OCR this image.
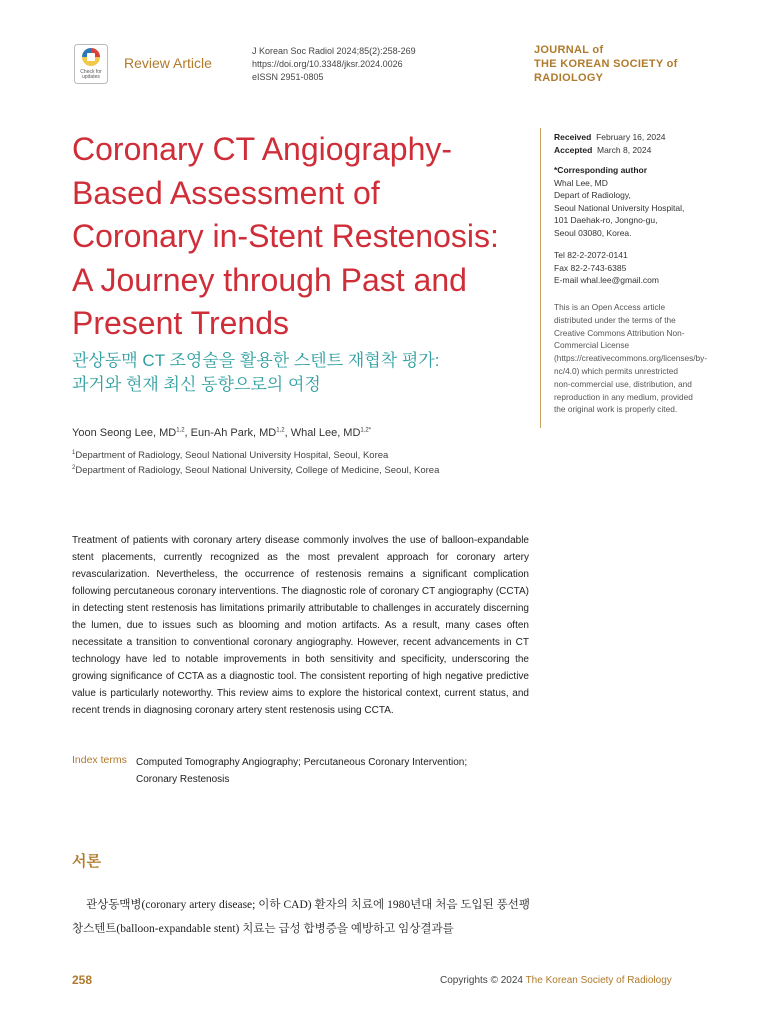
Check for updates
Review Article
J Korean Soc Radiol 2024;85(2):258-269
https://doi.org/10.3348/jksr.2024.0026
eISSN 2951-0805
JOURNAL of
THE KOREAN SOCIETY of
RADIOLOGY
Coronary CT Angiography-
Based Assessment of
Coronary in-Stent Restenosis:
A Journey through Past and
Present Trends
관상동맥 CT 조영술을 활용한 스텐트 재협착 평가:
과거와 현재 최신 동향으로의 여정
Yoon Seong Lee, MD$^{1,2}$, Eun-Ah Park, MD$^{1,2}$, Whal Lee, $MD^{1,2*}$
$^1$Department of Radiology, Seoul National University Hospital, Seoul, Korea
$^2$Department of Radiology, Seoul National University, College of Medicine, Seoul, Korea
Received February 16, 2024
Accepted March 8, 2024
*Corresponding author
Whal Lee, MD
Depart of Radiology,
Seoul National University Hospital,
101 Daehak-ro, Jongno-gu,
Seoul 03080, Korea.
Tel 82-2-2072-0141
Fax 82-2-743-6385
E-mail whal.lee@gmail.com
This is an Open Access article distributed under the terms of the Creative Commons Attribution Non-Commercial License (https://creativecommons.org/licenses/by-nc/4.0) which permits unrestricted non-commercial use, distribution, and reproduction in any medium, provided the original work is properly cited.
Treatment of patients with coronary artery disease commonly involves the use of balloon-expandable stent placements, currently recognized as the most prevalent approach for coronary artery revascularization. Nevertheless, the occurrence of restenosis remains a significant complication following percutaneous coronary interventions. The diagnostic role of coronary CT angiography (CCTA) in detecting stent restenosis has limitations primarily attributable to challenges in accurately discerning the lumen, due to issues such as blooming and motion artifacts. As a result, many cases often necessitate a transition to conventional coronary angiography. However, recent advancements in CT technology have led to notable improvements in both sensitivity and specificity, underscoring the growing significance of CCTA as a diagnostic tool. The consistent reporting of high negative predictive value is particularly noteworthy. This review aims to explore the historical context, current status, and recent trends in diagnosing coronary artery stent restenosis using CCTA.
Index terms Computed Tomography Angiography; Percutaneous Coronary Intervention;
Coronary Restenosis
서론
관상동맥병(coronary artery disease; 이하 CAD) 환자의 치료에 1980년대 처음 도입된 풍선팽창스텐트(balloon-expandable stent) 치료는 급성 합병증을 예방하고 임상결과를
258	Copyrights © 2024 The Korean Society of Radiology
